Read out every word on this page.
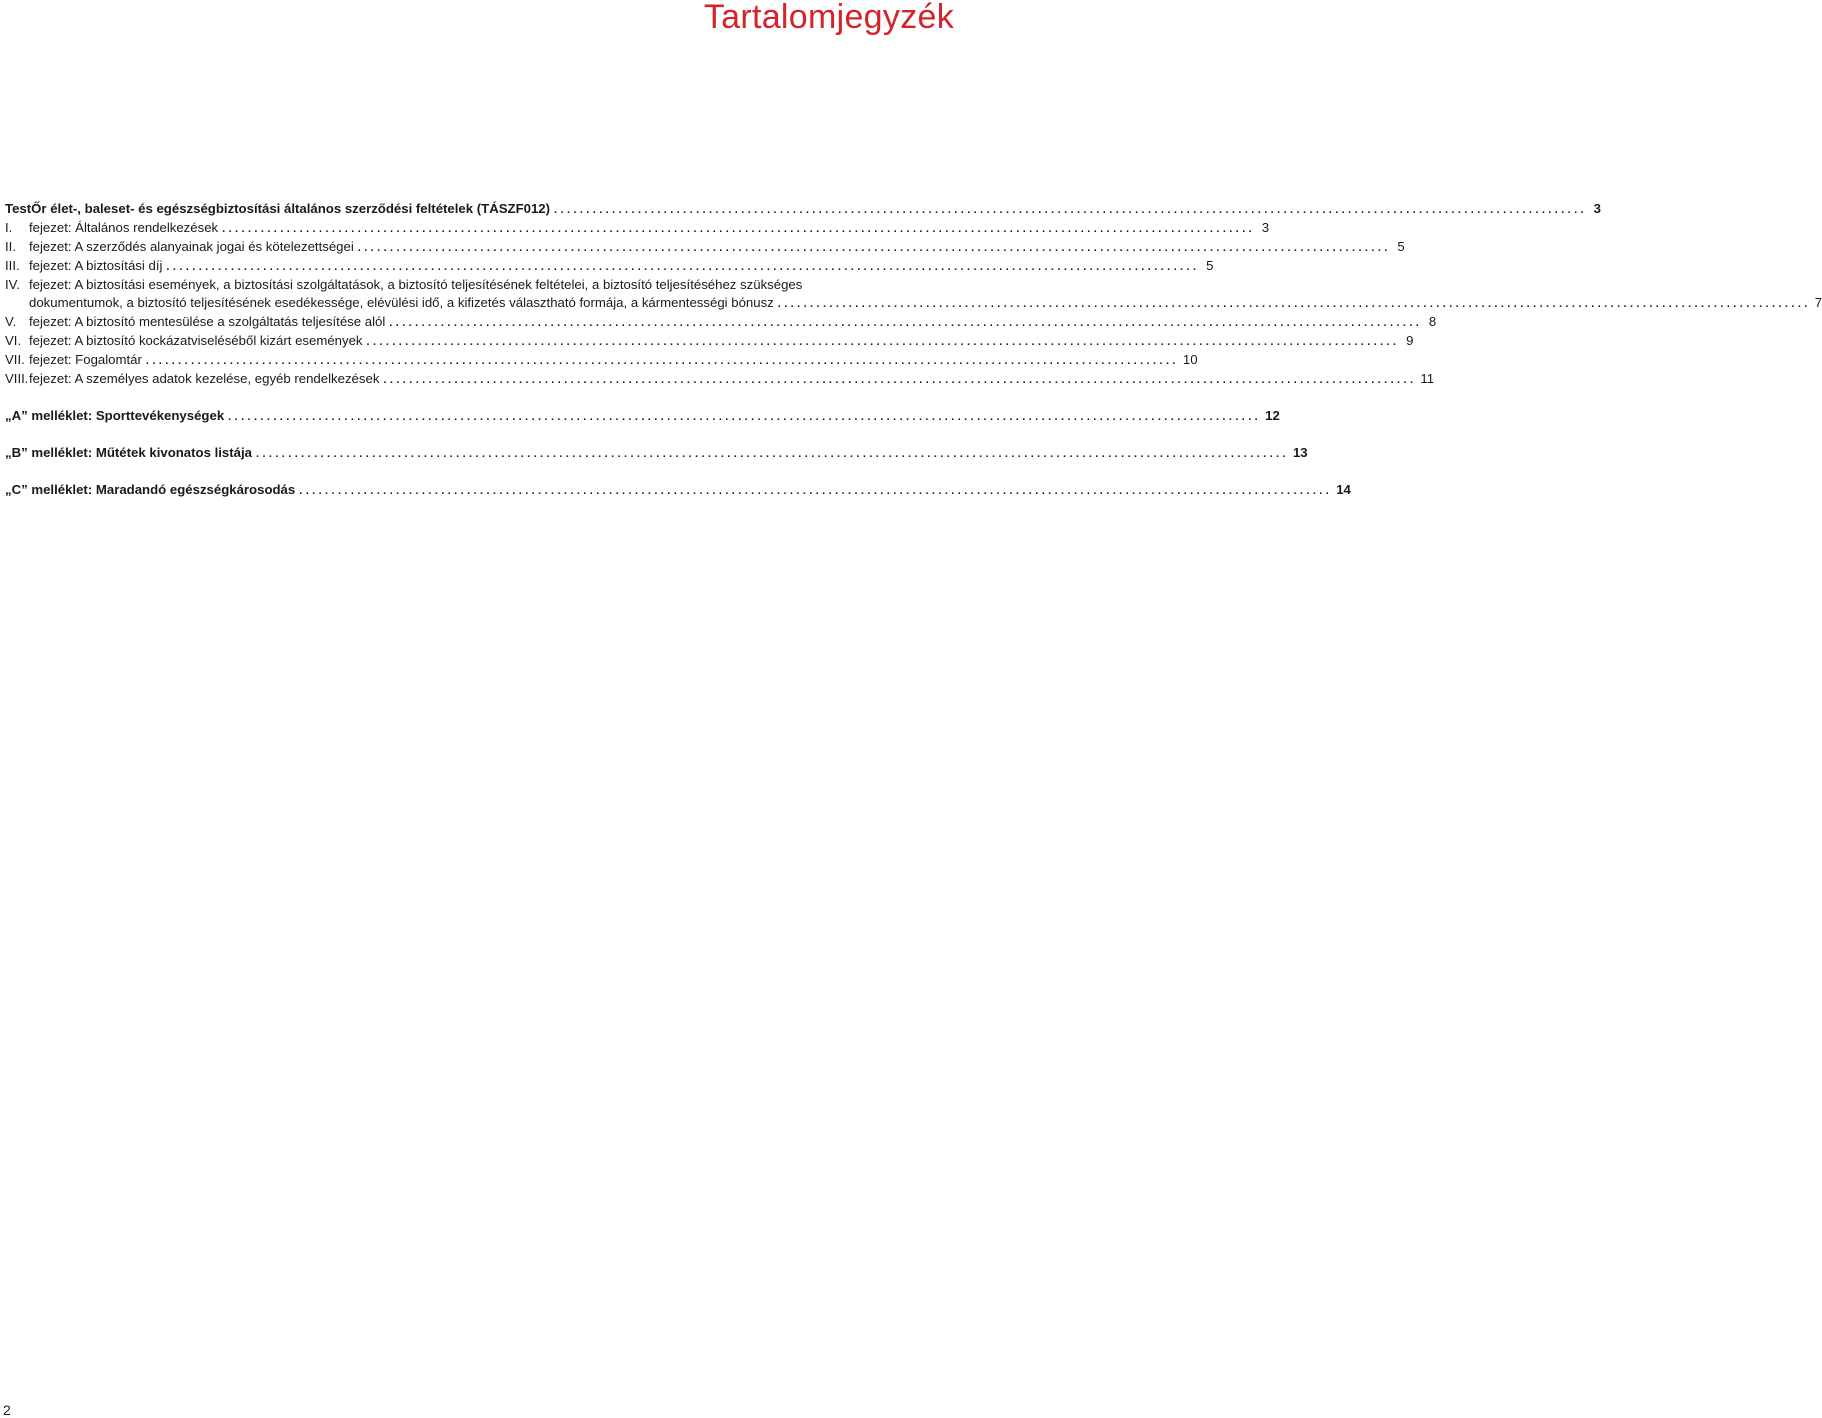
Tartalomjegyzék
TestŐr élet-, baleset- és egészségbiztosítási általános szerződési feltételek (TÁSZF012) ................................................................................................................................................................ 3
I. fejezet: Általános rendelkezések ................................................................................................................................................................ 3
II. fejezet: A szerződés alanyainak jogai és kötelezettségei ................................................................................................................................................................ 5
III. fejezet: A biztosítási díj ................................................................................................................................................................ 5
IV. fejezet: A biztosítási események, a biztosítási szolgáltatások, a biztosító teljesítésének feltételei, a biztosító teljesítéséhez szükséges
dokumentumok, a biztosító teljesítésének esedékessége, elévülési idő, a kifizetés választható formája, a kármentességi bónusz ................................................................................................................................................................ 7
V. fejezet: A biztosító mentesülése a szolgáltatás teljesítése alól ................................................................................................................................................................ 8
VI. fejezet: A biztosító kockázatviseléséből kizárt események ................................................................................................................................................................ 9
VII. fejezet: Fogalomtár ................................................................................................................................................................ 10
VIII.fejezet: A személyes adatok kezelése, egyéb rendelkezések ................................................................................................................................................................ 11
„A” melléklet: Sporttevékenységek ................................................................................................................................................................ 12
„B” melléklet: Műtétek kivonatos listája ................................................................................................................................................................ 13
„C” melléklet: Maradandó egészségkárosodás ................................................................................................................................................................ 14
2
